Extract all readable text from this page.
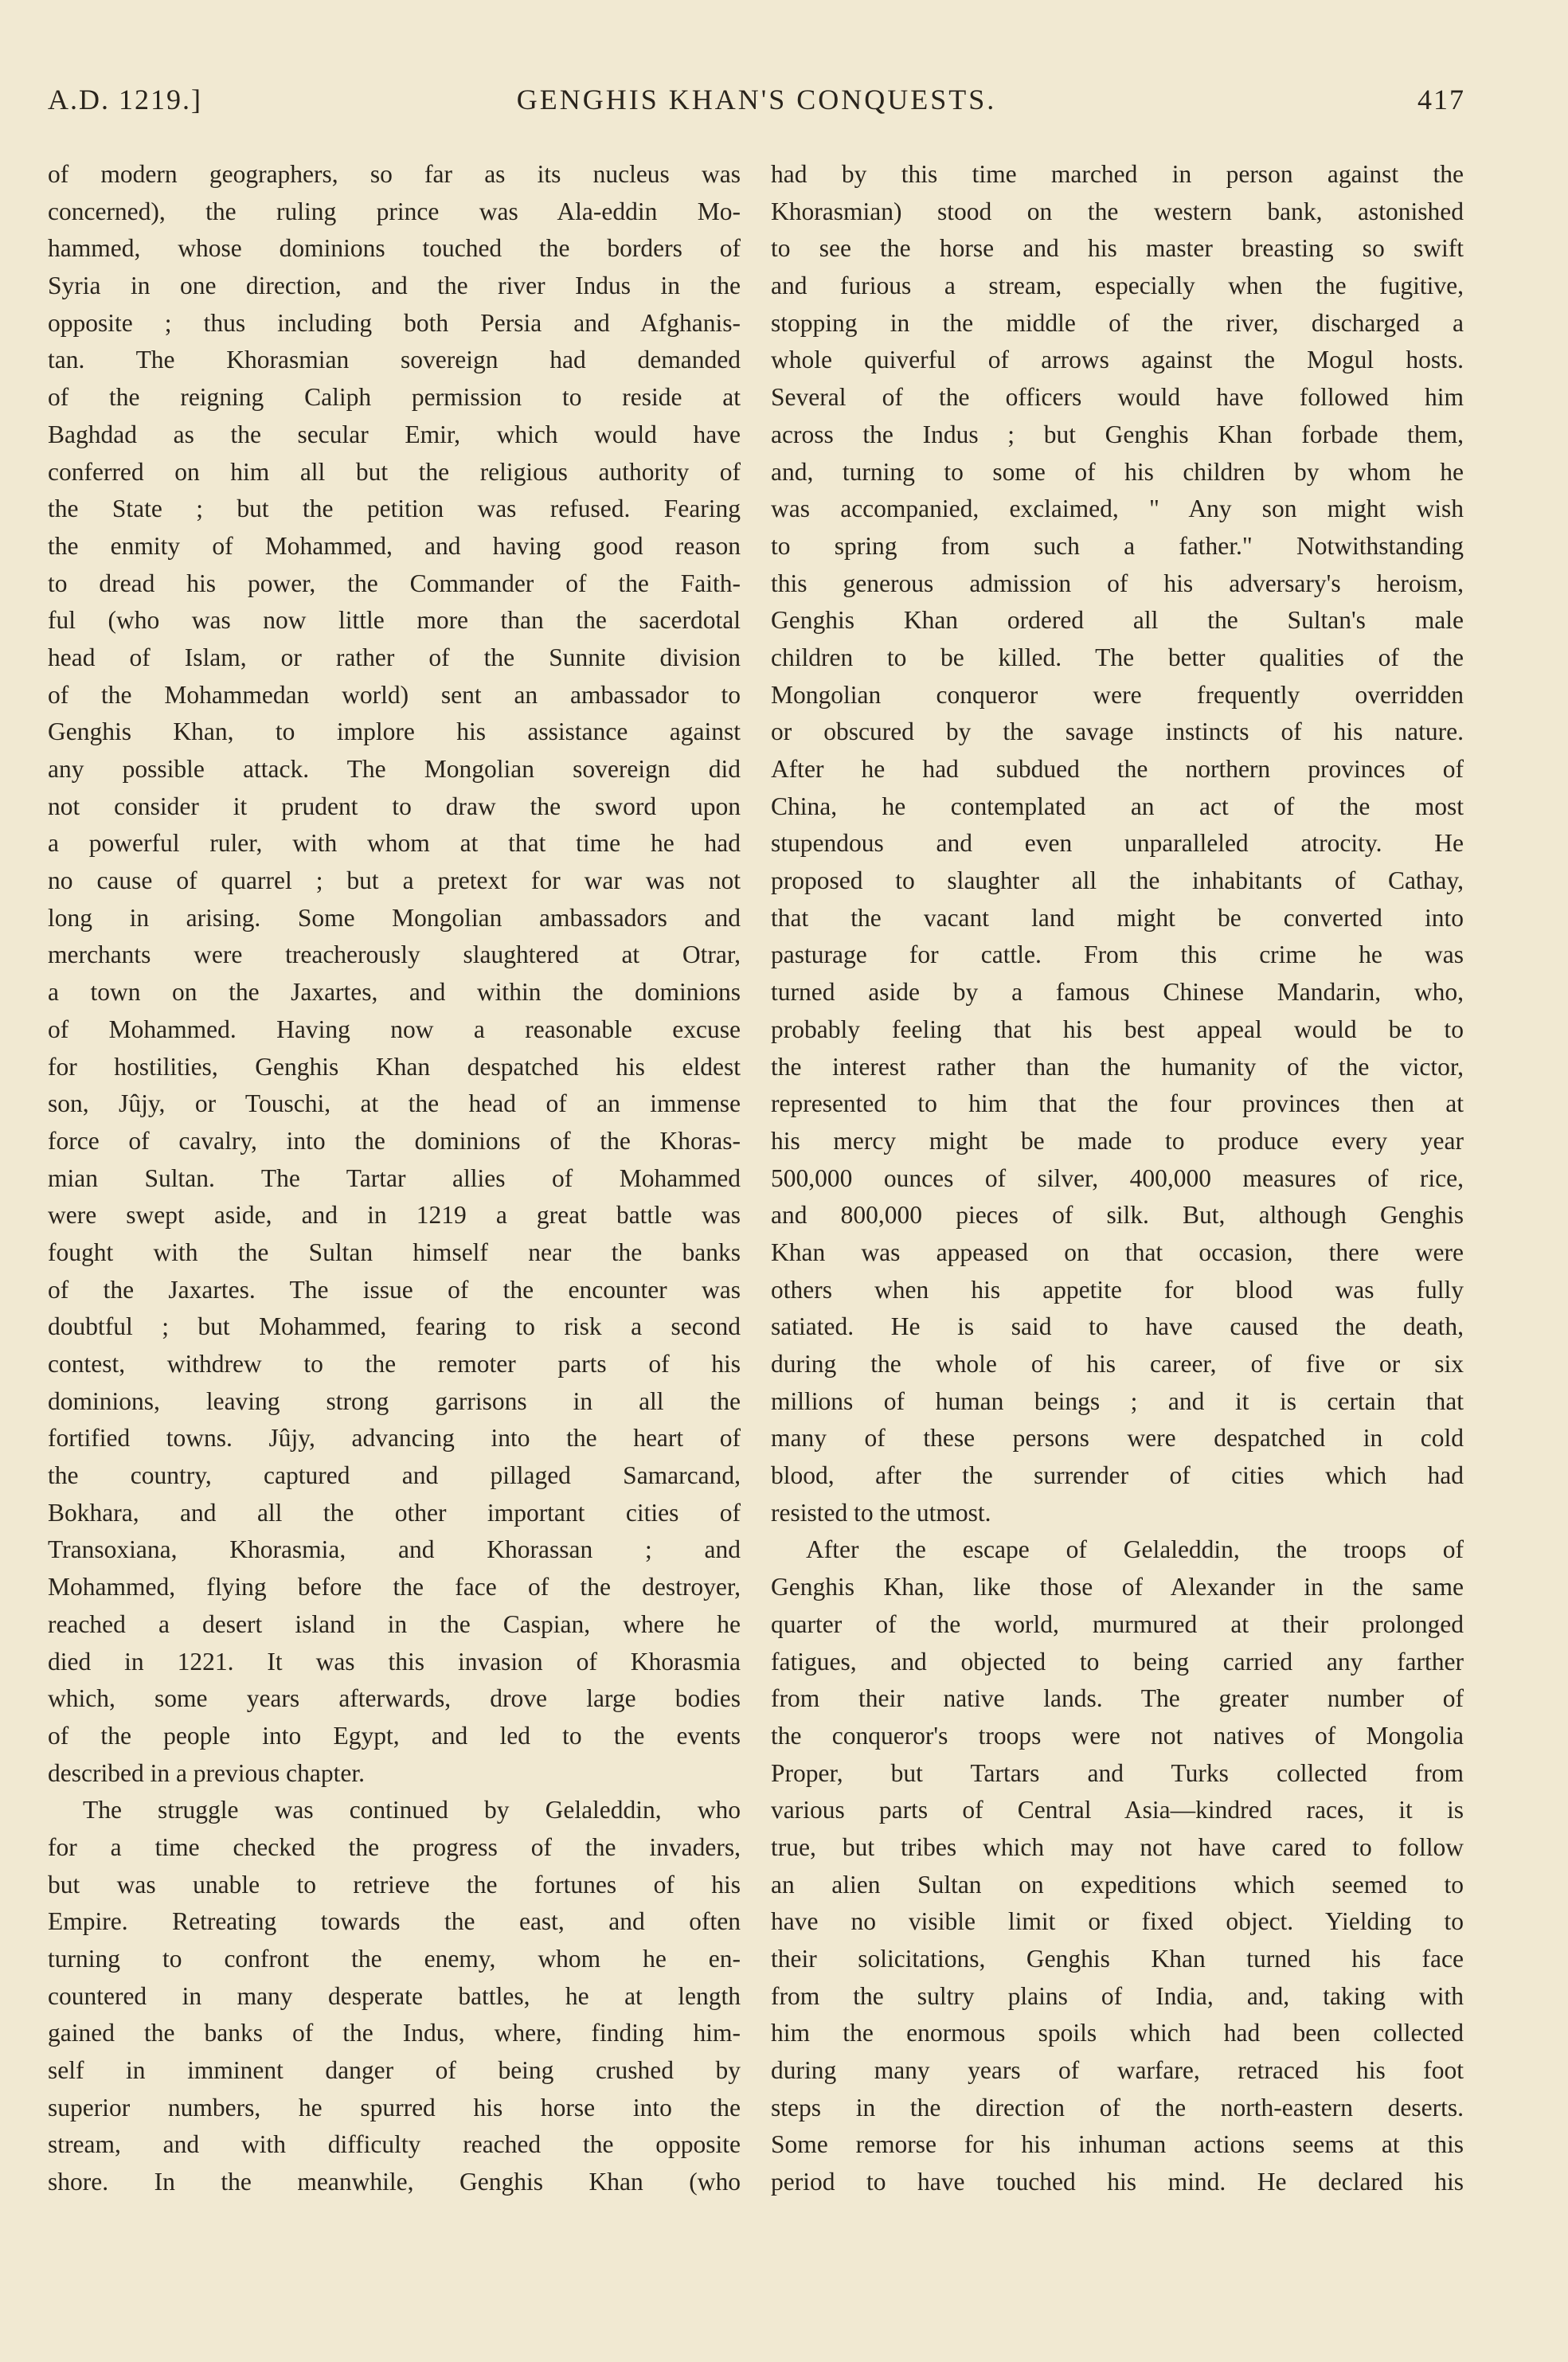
GENGHIS KHAN'S CONQUESTS.
A.D. 1219.]	417
of modern geographers, so far as its nucleus was
concerned), the ruling prince was Ala-eddin Mo-
hammed, whose dominions touched the borders of
Syria in one direction, and the river Indus in the
opposite ; thus including both Persia and Afghanis-
tan. The Khorasmian sovereign had demanded
of the reigning Caliph permission to reside at
Baghdad as the secular Emir, which would have
conferred on him all but the religious authority of
the State ; but the petition was refused. Fearing
the enmity of Mohammed, and having good reason
to dread his power, the Commander of the Faith-
ful (who was now little more than the sacerdotal
head of Islam, or rather of the Sunnite division
of the Mohammedan world) sent an ambassador to
Genghis Khan, to implore his assistance against
any possible attack. The Mongolian sovereign did
not consider it prudent to draw the sword upon
a powerful ruler, with whom at that time he had
no cause of quarrel ; but a pretext for war was not
long in arising. Some Mongolian ambassadors and
merchants were treacherously slaughtered at Otrar,
a town on the Jaxartes, and within the dominions
of Mohammed. Having now a reasonable excuse
for hostilities, Genghis Khan despatched his eldest
son, Jûjy, or Touschi, at the head of an immense
force of cavalry, into the dominions of the Khoras-
mian Sultan. The Tartar allies of Mohammed
were swept aside, and in 1219 a great battle was
fought with the Sultan himself near the banks
of the Jaxartes. The issue of the encounter was
doubtful ; but Mohammed, fearing to risk a second
contest, withdrew to the remoter parts of his
dominions, leaving strong garrisons in all the
fortified towns. Jûjy, advancing into the heart of
the country, captured and pillaged Samarcand,
Bokhara, and all the other important cities of
Transoxiana, Khorasmia, and Khorassan ; and
Mohammed, flying before the face of the destroyer,
reached a desert island in the Caspian, where he
died in 1221. It was this invasion of Khorasmia
which, some years afterwards, drove large bodies
of the people into Egypt, and led to the events
described in a previous chapter.
The struggle was continued by Gelaleddin, who
for a time checked the progress of the invaders,
but was unable to retrieve the fortunes of his
Empire. Retreating towards the east, and often
turning to confront the enemy, whom he en-
countered in many desperate battles, he at length
gained the banks of the Indus, where, finding him-
self in imminent danger of being crushed by
superior numbers, he spurred his horse into the
stream, and with difficulty reached the opposite
shore. In the meanwhile, Genghis Khan (who
had by this time marched in person against the
Khorasmian) stood on the western bank, astonished
to see the horse and his master breasting so swift
and furious a stream, especially when the fugitive,
stopping in the middle of the river, discharged a
whole quiverful of arrows against the Mogul hosts.
Several of the officers would have followed him
across the Indus ; but Genghis Khan forbade them,
and, turning to some of his children by whom he
was accompanied, exclaimed, " Any son might wish
to spring from such a father." Notwithstanding
this generous admission of his adversary's heroism,
Genghis Khan ordered all the Sultan's male
children to be killed. The better qualities of the
Mongolian conqueror were frequently overridden
or obscured by the savage instincts of his nature.
After he had subdued the northern provinces of
China, he contemplated an act of the most
stupendous and even unparalleled atrocity. He
proposed to slaughter all the inhabitants of Cathay,
that the vacant land might be converted into
pasturage for cattle. From this crime he was
turned aside by a famous Chinese Mandarin, who,
probably feeling that his best appeal would be to
the interest rather than the humanity of the victor,
represented to him that the four provinces then at
his mercy might be made to produce every year
500,000 ounces of silver, 400,000 measures of rice,
and 800,000 pieces of silk. But, although Genghis
Khan was appeased on that occasion, there were
others when his appetite for blood was fully
satiated. He is said to have caused the death,
during the whole of his career, of five or six
millions of human beings ; and it is certain that
many of these persons were despatched in cold
blood, after the surrender of cities which had
resisted to the utmost.
After the escape of Gelaleddin, the troops of
Genghis Khan, like those of Alexander in the same
quarter of the world, murmured at their prolonged
fatigues, and objected to being carried any farther
from their native lands. The greater number of
the conqueror's troops were not natives of Mongolia
Proper, but Tartars and Turks collected from
various parts of Central Asia—kindred races, it is
true, but tribes which may not have cared to follow
an alien Sultan on expeditions which seemed to
have no visible limit or fixed object. Yielding to
their solicitations, Genghis Khan turned his face
from the sultry plains of India, and, taking with
him the enormous spoils which had been collected
during many years of warfare, retraced his foot
steps in the direction of the north-eastern deserts.
Some remorse for his inhuman actions seems at this
period to have touched his mind. He declared his
